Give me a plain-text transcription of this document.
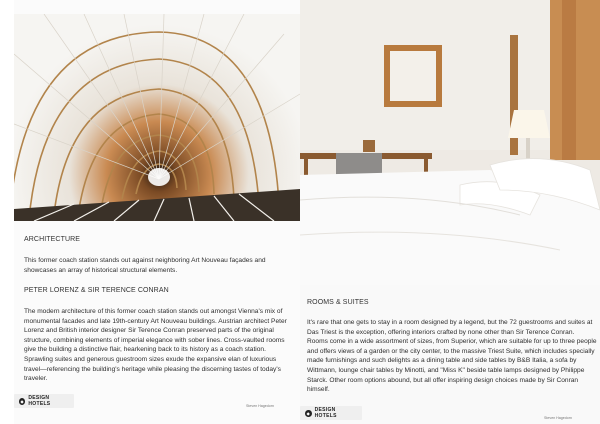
ARCHITECTURE
This former coach station stands out against neighboring Art Nouveau façades and showcases an array of historical structural elements.
PETER LORENZ & SIR TERENCE CONRAN
The modern architecture of this former coach station stands out amongst Vienna's mix of monumental facades and late 19th-century Art Nouveau buildings. Austrian architect Peter Lorenz and British interior designer Sir Terence Conran preserved parts of the original structure, combining elements of imperial elegance with sober lines. Cross-vaulted rooms give the building a distinctive flair, hearkening back to its history as a coach station. Sprawling suites and generous guestroom sizes exude the expansive elan of luxurious travel—referencing the building's heritage while pleasing the discerning tastes of today's traveler.
◆ DESIGN HOTELS	Steven Hagedorn
ROOMS & SUITES
It's rare that one gets to stay in a room designed by a legend, but the 72 guestrooms and suites at Das Triest is the exception, offering interiors crafted by none other than Sir Terence Conran. Rooms come in a wide assortment of sizes, from Superior, which are suitable for up to three people and offers views of a garden or the city center, to the massive Triest Suite, which includes specially made furnishings and such delights as a dining table and side tables by B&B Italia, a sofa by Wittmann, lounge chair tables by Minotti, and "Miss K" beside table lamps designed by Philippe Starck. Other room options abound, but all offer inspiring design choices made by Sir Conran himself.
◆ DESIGN HOTELS	Steven Hagedorn
